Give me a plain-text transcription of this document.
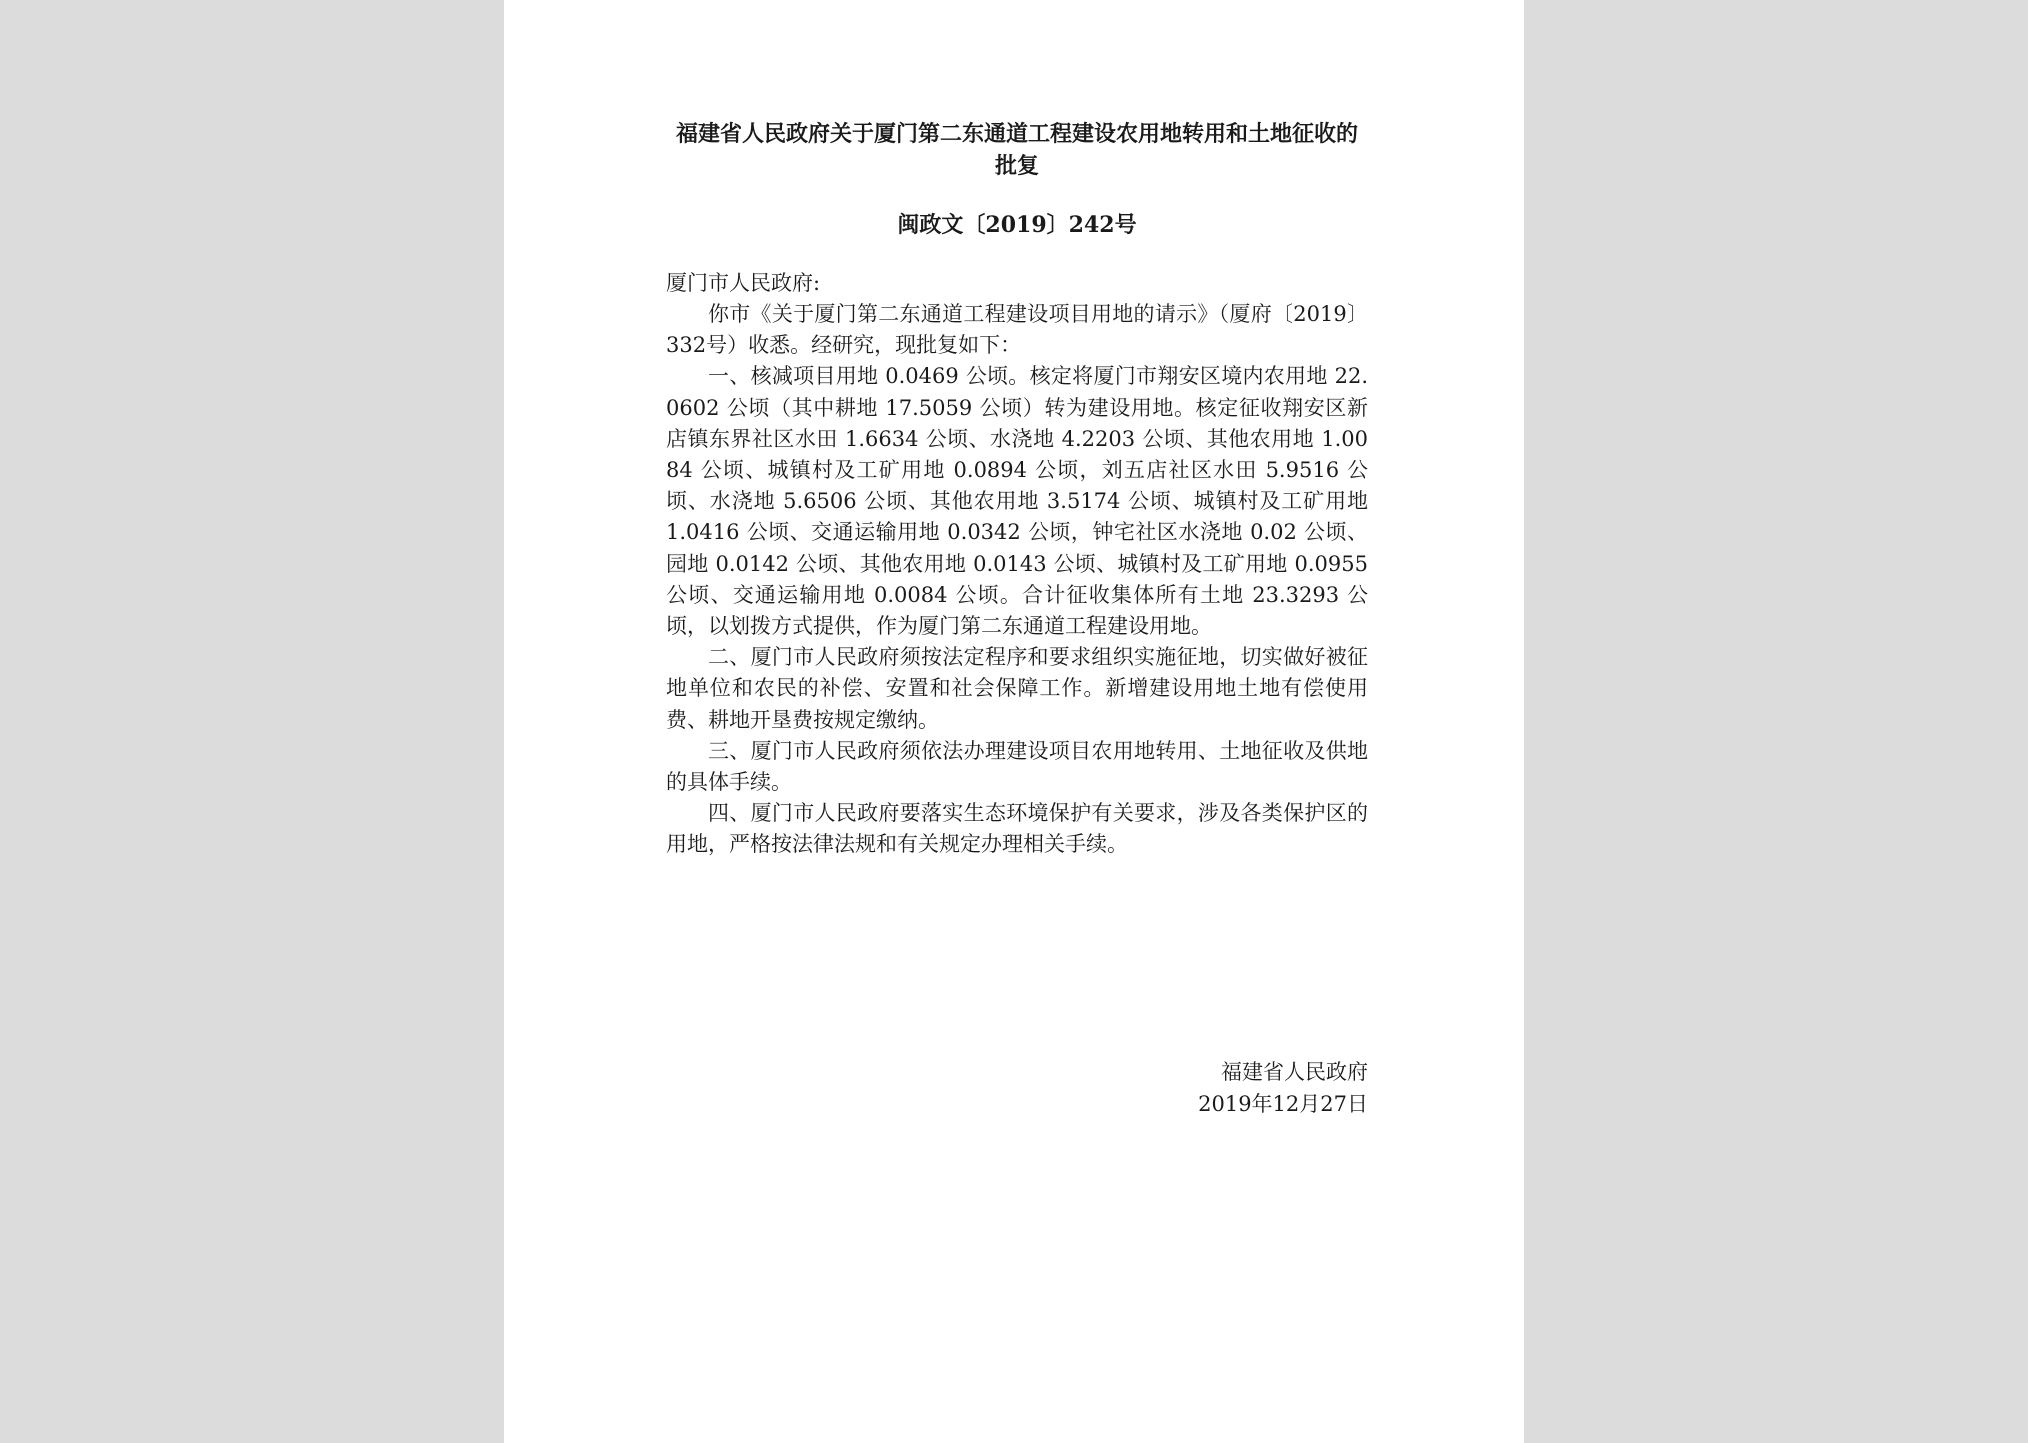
福建省人民政府关于厦门第二东通道工程建设农用地转用和土地征收的批复
闽政文〔2019〕242号
厦门市人民政府:

你市《关于厦门第二东通道工程建设项目用地的请示》（厦府〔2019〕332号）收悉。经研究，现批复如下：

一、核减项目用地 0.0469 公顷。核定将厦门市翔安区境内农用地 22.0602 公顷（其中耕地 17.5059 公顷）转为建设用地。核定征收翔安区新店镇东界社区水田 1.6634 公顷、水浇地 4.2203 公顷、其他农用地 1.0084 公顷、城镇村及工矿用地 0.0894 公顷，刘五店社区水田 5.9516 公顷、水浇地 5.6506 公顷、其他农用地 3.5174 公顷、城镇村及工矿用地 1.0416 公顷、交通运输用地 0.0342 公顷，钟宅社区水浇地 0.02 公顷、园地 0.0142 公顷、其他农用地 0.0143 公顷、城镇村及工矿用地 0.0955 公顷、交通运输用地 0.0084 公顷。合计征收集体所有土地 23.3293 公顷，以划拨方式提供，作为厦门第二东通道工程建设用地。

二、厦门市人民政府须按法定程序和要求组织实施征地，切实做好被征地单位和农民的补偿、安置和社会保障工作。新增建设用地土地有偿使用费、耕地开垦费按规定缴纳。

三、厦门市人民政府须依法办理建设项目农用地转用、土地征收及供地的具体手续。

四、厦门市人民政府要落实生态环境保护有关要求，涉及各类保护区的用地，严格按法律法规和有关规定办理相关手续。

福建省人民政府
2019年12月27日
